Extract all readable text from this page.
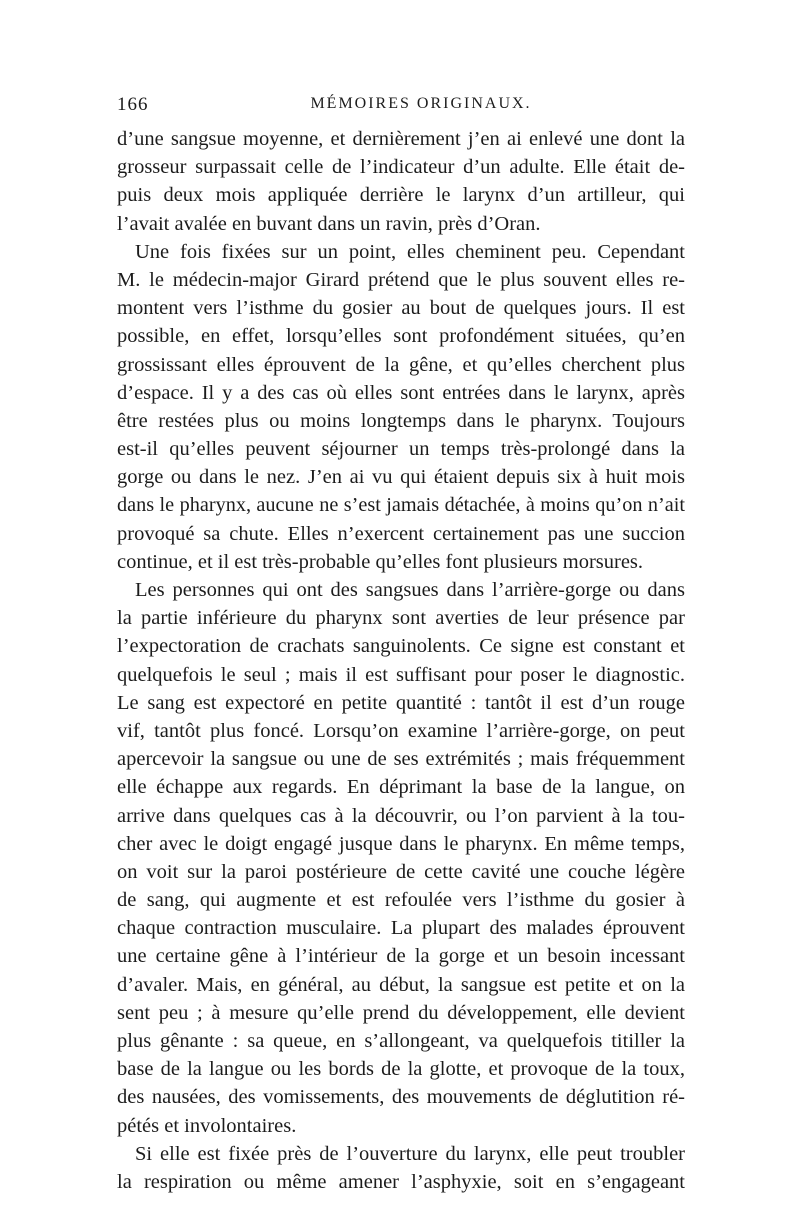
166	MÉMOIRES ORIGINAUX.
d’une sangsue moyenne, et dernièrement j’en ai enlevé une dont la
grosseur surpassait celle de l’indicateur d’un adulte. Elle était de-
puis deux mois appliquée derrière le larynx d’un artilleur, qui
l’avait avalée en buvant dans un ravin, près d’Oran.
Une fois fixées sur un point, elles cheminent peu. Cependant
M. le médecin-major Girard prétend que le plus souvent elles re-
montent vers l’isthme du gosier au bout de quelques jours. Il est
possible, en effet, lorsqu’elles sont profondément situées, qu’en
grossissant elles éprouvent de la gêne, et qu’elles cherchent plus
d’espace. Il y a des cas où elles sont entrées dans le larynx, après
être restées plus ou moins longtemps dans le pharynx. Toujours
est-il qu’elles peuvent séjourner un temps très-prolongé dans la
gorge ou dans le nez. J’en ai vu qui étaient depuis six à huit mois
dans le pharynx, aucune ne s’est jamais détachée, à moins qu’on n’ait
provoqué sa chute. Elles n’exercent certainement pas une succion
continue, et il est très-probable qu’elles font plusieurs morsures.
Les personnes qui ont des sangsues dans l’arrière-gorge ou dans
la partie inférieure du pharynx sont averties de leur présence par
l’expectoration de crachats sanguinolents. Ce signe est constant et
quelquefois le seul ; mais il est suffisant pour poser le diagnostic.
Le sang est expectoré en petite quantité : tantôt il est d’un rouge
vif, tantôt plus foncé. Lorsqu’on examine l’arrière-gorge, on peut
apercevoir la sangsue ou une de ses extrémités ; mais fréquemment
elle échappe aux regards. En déprimant la base de la langue, on
arrive dans quelques cas à la découvrir, ou l’on parvient à la tou-
cher avec le doigt engagé jusque dans le pharynx. En même temps,
on voit sur la paroi postérieure de cette cavité une couche légère
de sang, qui augmente et est refoulée vers l’isthme du gosier à
chaque contraction musculaire. La plupart des malades éprouvent
une certaine gêne à l’intérieur de la gorge et un besoin incessant
d’avaler. Mais, en général, au début, la sangsue est petite et on la
sent peu ; à mesure qu’elle prend du développement, elle devient
plus gênante : sa queue, en s’allongeant, va quelquefois titiller la
base de la langue ou les bords de la glotte, et provoque de la toux,
des nausées, des vomissements, des mouvements de déglutition ré-
pétés et involontaires.
Si elle est fixée près de l’ouverture du larynx, elle peut troubler
la respiration ou même amener l’asphyxie, soit en s’engageant
